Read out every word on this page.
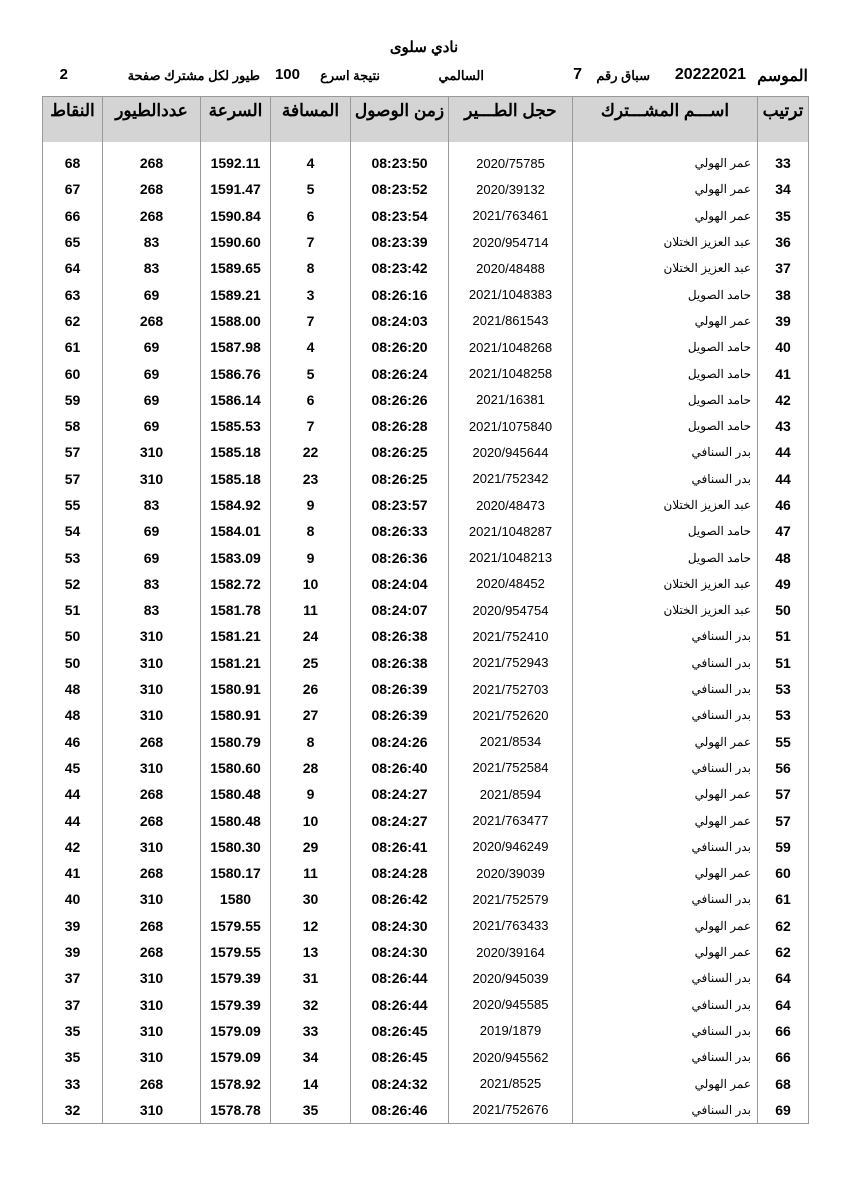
نادي سلوى
الموسم
20222021
سباق رقم
7
السالمي
نتيجة اسرع
100
طيور لكل مشترك صفحة
2
ترتيب	اســـم المشـــترك	حجل الطـــير	زمن الوصول	المسافة	السرعة	عددالطيور	النقاط

33	عمر الهولي	2020/75785	08:23:50	4	1592.11	268	68
34	عمر الهولي	2020/39132	08:23:52	5	1591.47	268	67
35	عمر الهولي	2021/763461	08:23:54	6	1590.84	268	66
36	عبد العزيز الختلان	2020/954714	08:23:39	7	1590.60	83	65
37	عبد العزيز الختلان	2020/48488	08:23:42	8	1589.65	83	64
38	حامد الصويل	2021/1048383	08:26:16	3	1589.21	69	63
39	عمر الهولي	2021/861543	08:24:03	7	1588.00	268	62
40	حامد الصويل	2021/1048268	08:26:20	4	1587.98	69	61
41	حامد الصويل	2021/1048258	08:26:24	5	1586.76	69	60
42	حامد الصويل	2021/16381	08:26:26	6	1586.14	69	59
43	حامد الصويل	2021/1075840	08:26:28	7	1585.53	69	58
44	بدر السنافي	2020/945644	08:26:25	22	1585.18	310	57
44	بدر السنافي	2021/752342	08:26:25	23	1585.18	310	57
46	عبد العزيز الختلان	2020/48473	08:23:57	9	1584.92	83	55
47	حامد الصويل	2021/1048287	08:26:33	8	1584.01	69	54
48	حامد الصويل	2021/1048213	08:26:36	9	1583.09	69	53
49	عبد العزيز الختلان	2020/48452	08:24:04	10	1582.72	83	52
50	عبد العزيز الختلان	2020/954754	08:24:07	11	1581.78	83	51
51	بدر السنافي	2021/752410	08:26:38	24	1581.21	310	50
51	بدر السنافي	2021/752943	08:26:38	25	1581.21	310	50
53	بدر السنافي	2021/752703	08:26:39	26	1580.91	310	48
53	بدر السنافي	2021/752620	08:26:39	27	1580.91	310	48
55	عمر الهولي	2021/8534	08:24:26	8	1580.79	268	46
56	بدر السنافي	2021/752584	08:26:40	28	1580.60	310	45
57	عمر الهولي	2021/8594	08:24:27	9	1580.48	268	44
57	عمر الهولي	2021/763477	08:24:27	10	1580.48	268	44
59	بدر السنافي	2020/946249	08:26:41	29	1580.30	310	42
60	عمر الهولي	2020/39039	08:24:28	11	1580.17	268	41
61	بدر السنافي	2021/752579	08:26:42	30	1580	310	40
62	عمر الهولي	2021/763433	08:24:30	12	1579.55	268	39
62	عمر الهولي	2020/39164	08:24:30	13	1579.55	268	39
64	بدر السنافي	2020/945039	08:26:44	31	1579.39	310	37
64	بدر السنافي	2020/945585	08:26:44	32	1579.39	310	37
66	بدر السنافي	2019/1879	08:26:45	33	1579.09	310	35
66	بدر السنافي	2020/945562	08:26:45	34	1579.09	310	35
68	عمر الهولي	2021/8525	08:24:32	14	1578.92	268	33
69	بدر السنافي	2021/752676	08:26:46	35	1578.78	310	32
